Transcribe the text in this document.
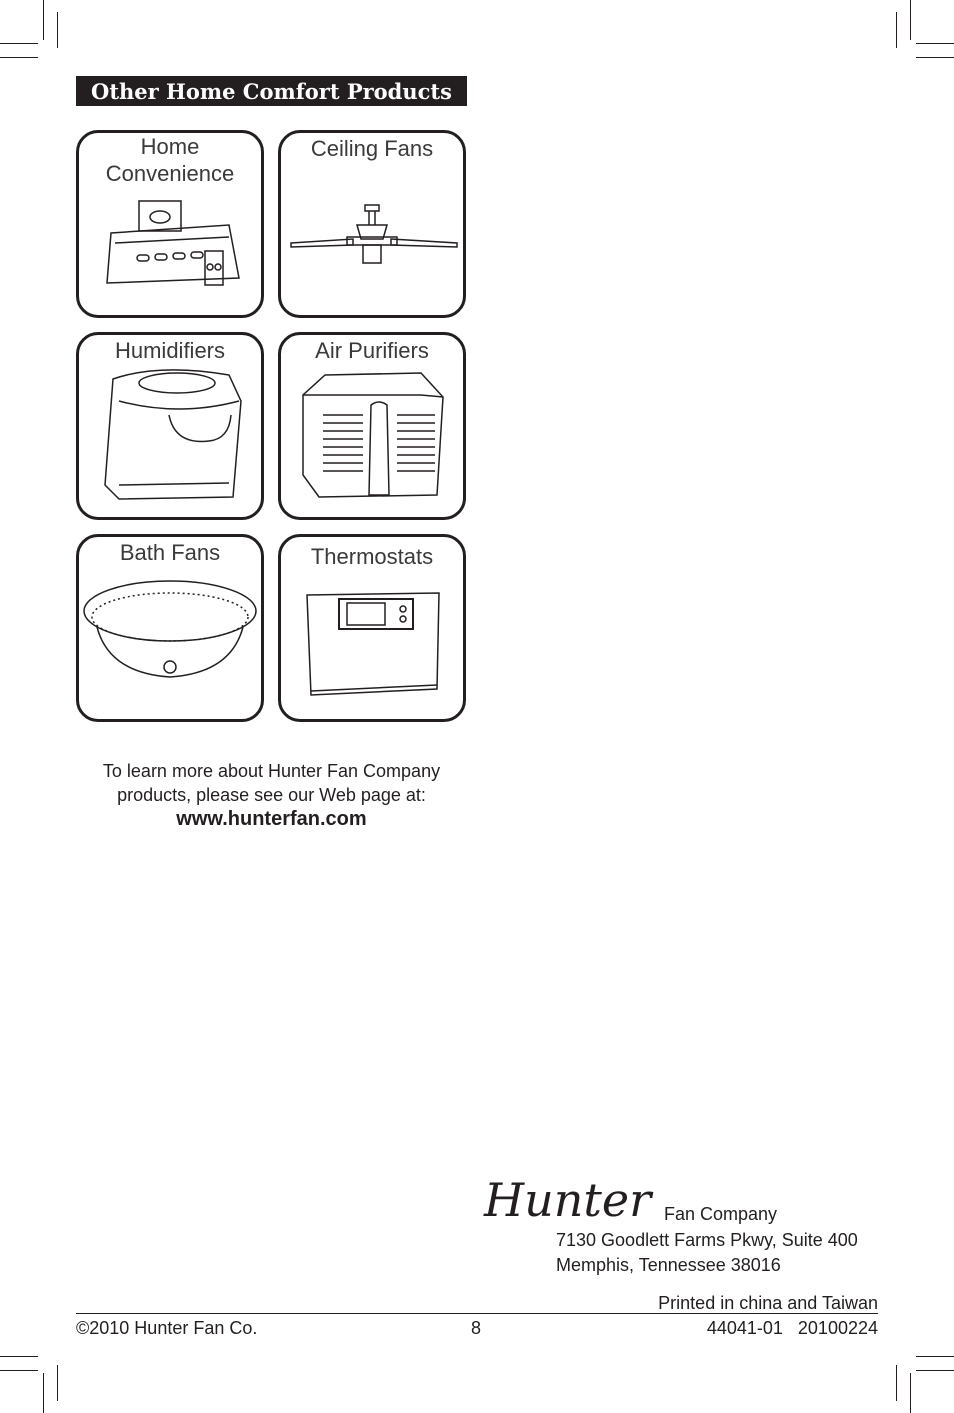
Other Home Comfort Products
Home Convenience
Ceiling Fans
Humidifiers	Air Purifiers
Bath Fans	Thermostats
To learn more about Hunter Fan Company
products, please see our Web page at:
www.hunterfan.com
Hunter Fan Company
7130 Goodlett Farms Pkwy, Suite 400
Memphis, Tennessee 38016
Printed in china and Taiwan
©2010 Hunter Fan Co.	8	44041-01 20100224
